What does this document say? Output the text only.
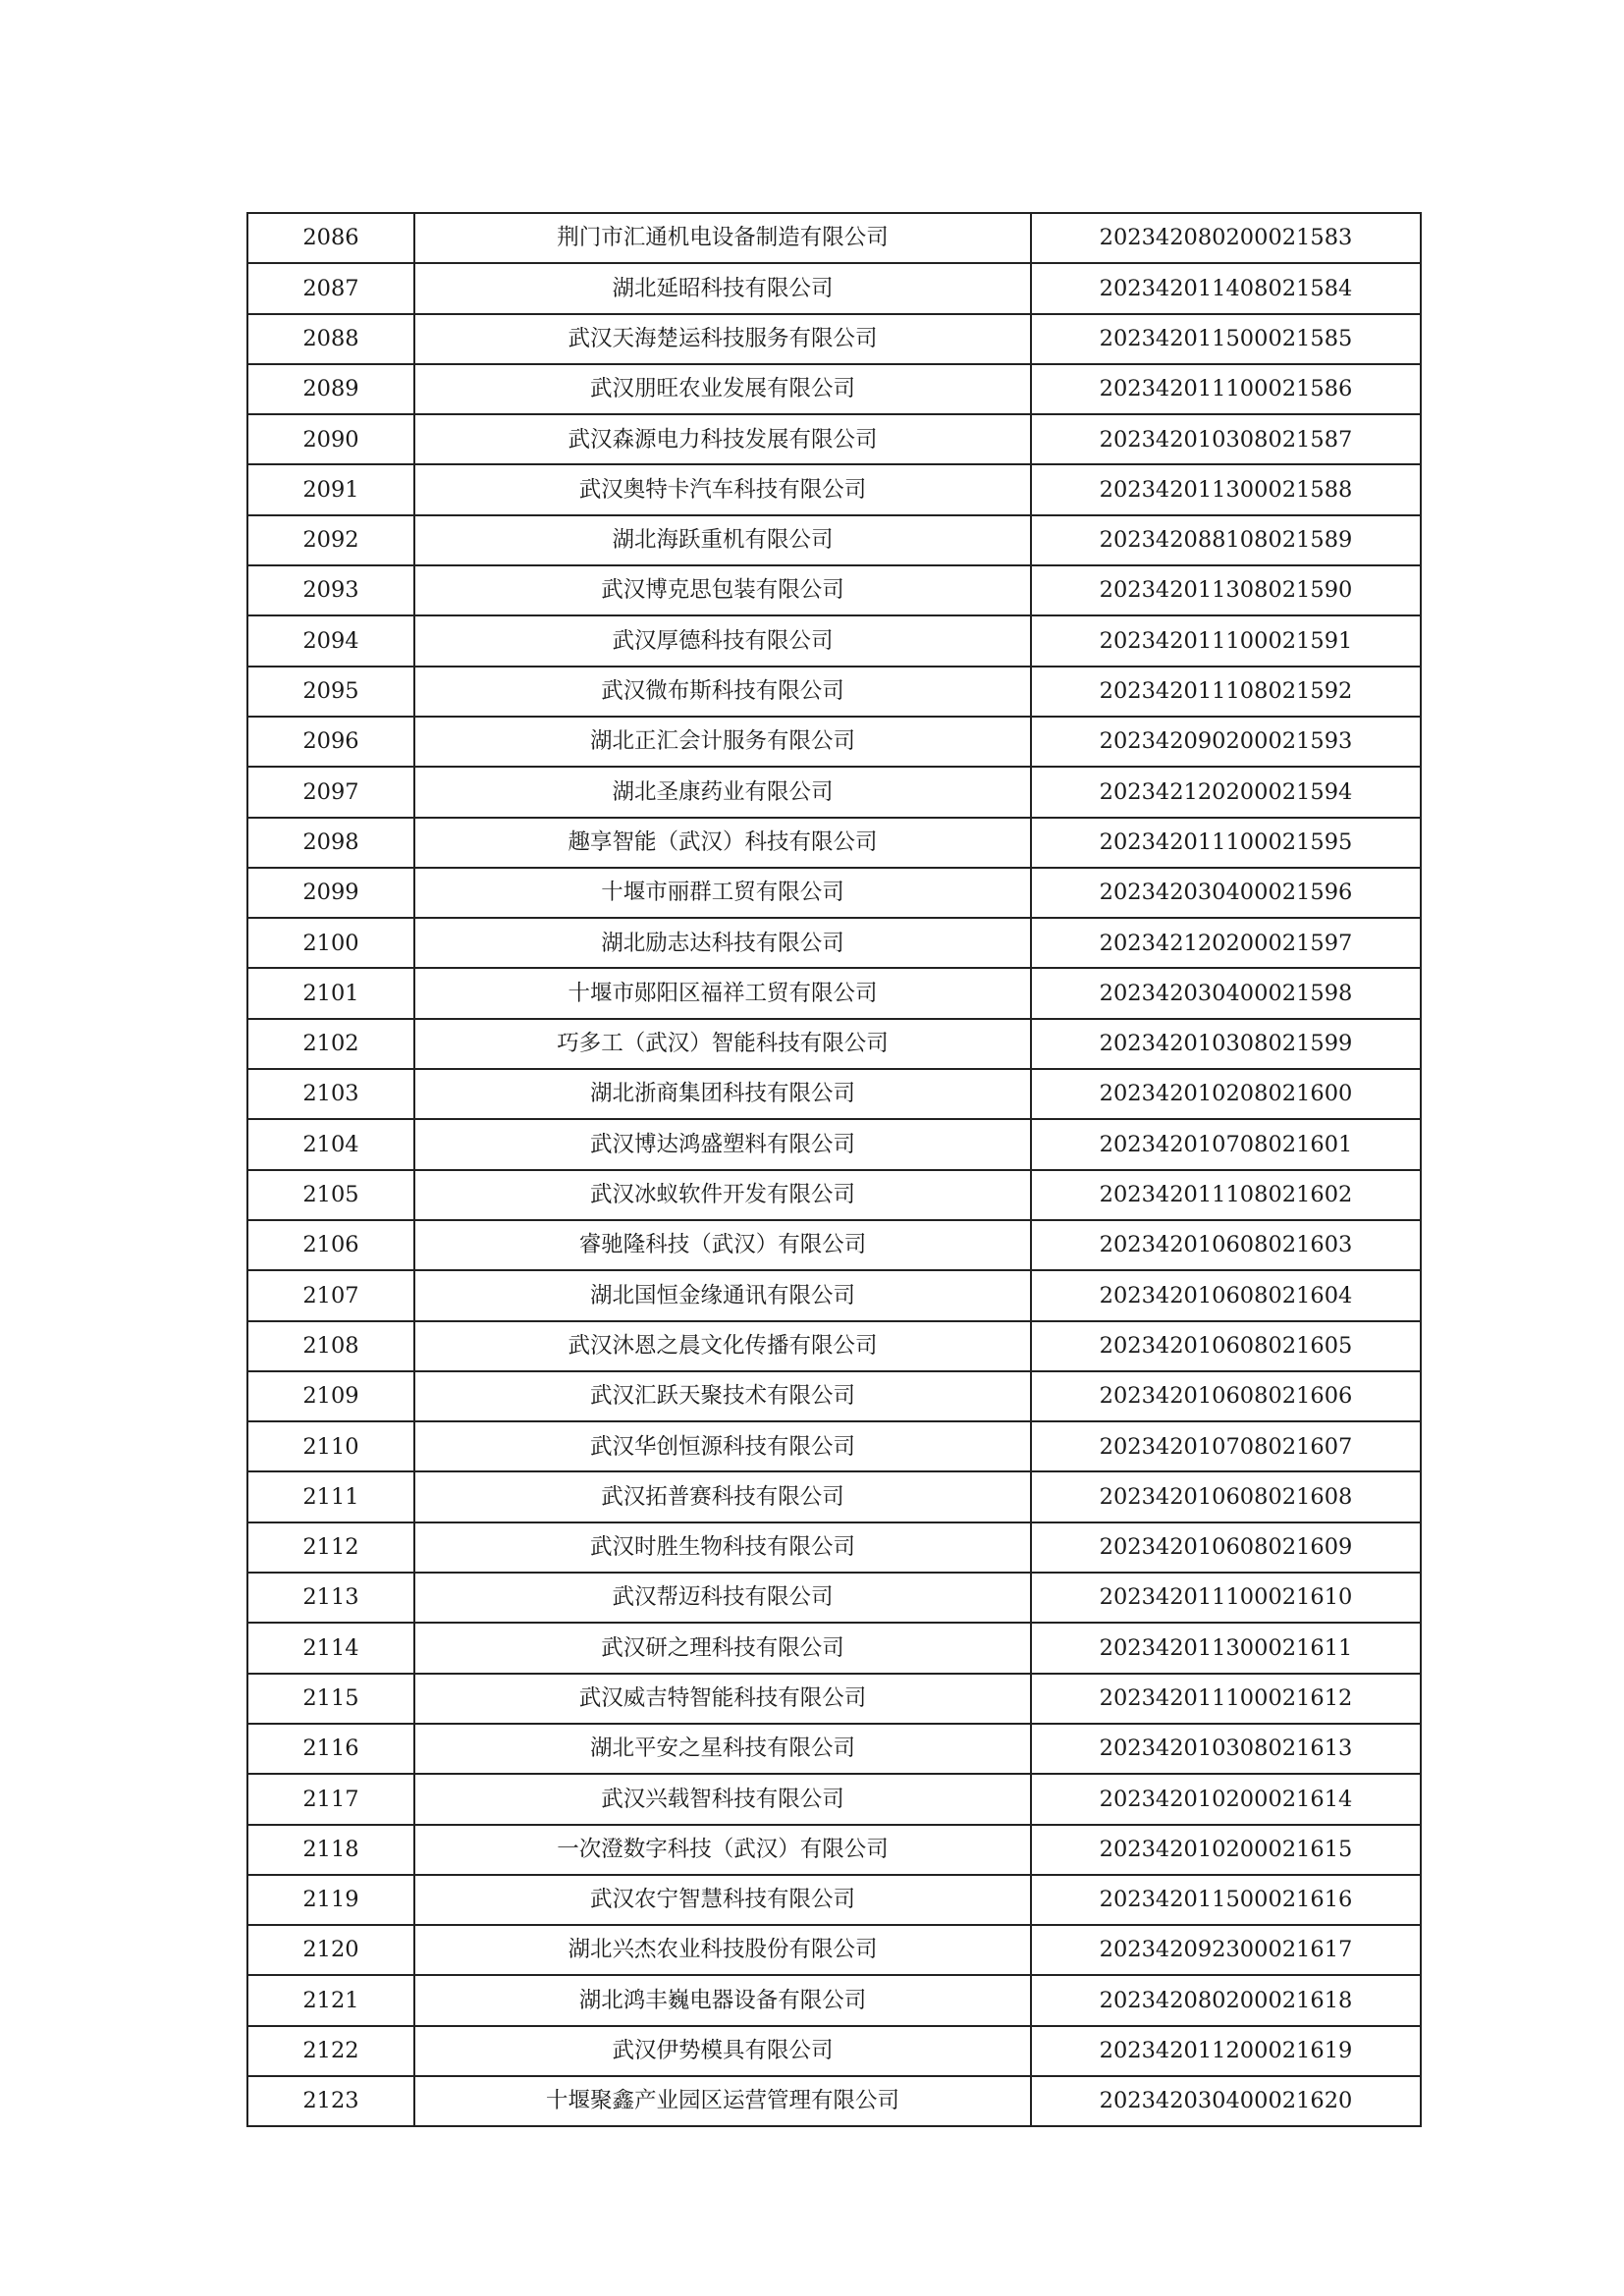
2086	荆门市汇通机电设备制造有限公司	202342080200021583
2087	湖北延昭科技有限公司	202342011408021584
2088	武汉天海楚运科技服务有限公司	202342011500021585
2089	武汉朋旺农业发展有限公司	202342011100021586
2090	武汉森源电力科技发展有限公司	202342010308021587
2091	武汉奥特卡汽车科技有限公司	202342011300021588
2092	湖北海跃重机有限公司	202342088108021589
2093	武汉博克思包装有限公司	202342011308021590
2094	武汉厚德科技有限公司	202342011100021591
2095	武汉微布斯科技有限公司	202342011108021592
2096	湖北正汇会计服务有限公司	202342090200021593
2097	湖北圣康药业有限公司	202342120200021594
2098	趣享智能（武汉）科技有限公司	202342011100021595
2099	十堰市丽群工贸有限公司	202342030400021596
2100	湖北励志达科技有限公司	202342120200021597
2101	十堰市郧阳区福祥工贸有限公司	202342030400021598
2102	巧多工（武汉）智能科技有限公司	202342010308021599
2103	湖北浙商集团科技有限公司	202342010208021600
2104	武汉博达鸿盛塑料有限公司	202342010708021601
2105	武汉冰蚁软件开发有限公司	202342011108021602
2106	睿驰隆科技（武汉）有限公司	202342010608021603
2107	湖北国恒金缘通讯有限公司	202342010608021604
2108	武汉沐恩之晨文化传播有限公司	202342010608021605
2109	武汉汇跃天聚技术有限公司	202342010608021606
2110	武汉华创恒源科技有限公司	202342010708021607
2111	武汉拓普赛科技有限公司	202342010608021608
2112	武汉时胜生物科技有限公司	202342010608021609
2113	武汉帮迈科技有限公司	202342011100021610
2114	武汉研之理科技有限公司	202342011300021611
2115	武汉威吉特智能科技有限公司	202342011100021612
2116	湖北平安之星科技有限公司	202342010308021613
2117	武汉兴载智科技有限公司	202342010200021614
2118	一次澄数字科技（武汉）有限公司	202342010200021615
2119	武汉农宁智慧科技有限公司	202342011500021616
2120	湖北兴杰农业科技股份有限公司	202342092300021617
2121	湖北鸿丰巍电器设备有限公司	202342080200021618
2122	武汉伊势模具有限公司	202342011200021619
2123	十堰聚鑫产业园区运营管理有限公司	202342030400021620
